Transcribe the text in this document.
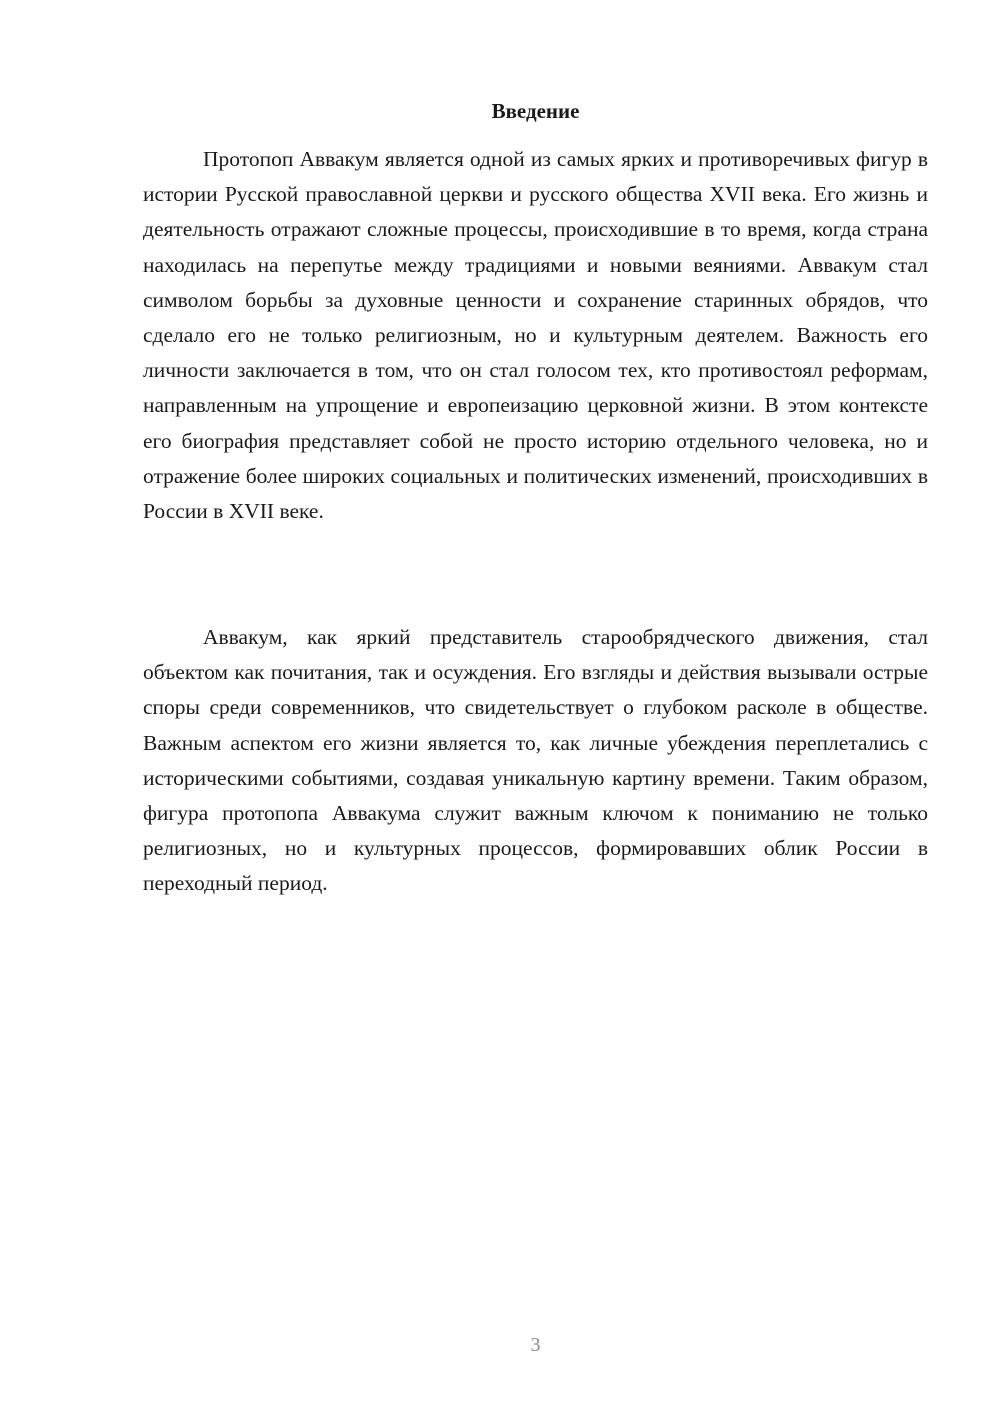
Введение

Протопоп Аввакум является одной из самых ярких и противоречивых фигур в истории Русской православной церкви и русского общества XVII века. Его жизнь и деятельность отражают сложные процессы, происходившие в то время, когда страна находилась на перепутье между традициями и новыми веяниями. Аввакум стал символом борьбы за духовные ценности и сохранение старинных обрядов, что сделало его не только религиозным, но и культурным деятелем. Важность его личности заключается в том, что он стал голосом тех, кто противостоял реформам, направленным на упрощение и европеизацию церковной жизни. В этом контексте его биография представляет собой не просто историю отдельного человека, но и отражение более широких социальных и политических изменений, происходивших в России в XVII веке.

Аввакум, как яркий представитель старообрядческого движения, стал объектом как почитания, так и осуждения. Его взгляды и действия вызывали острые споры среди современников, что свидетельствует о глубоком расколе в обществе. Важным аспектом его жизни является то, как личные убеждения переплетались с историческими событиями, создавая уникальную картину времени. Таким образом, фигура протопопа Аввакума служит важным ключом к пониманию не только религиозных, но и культурных процессов, формировавших облик России в переходный период.

3
